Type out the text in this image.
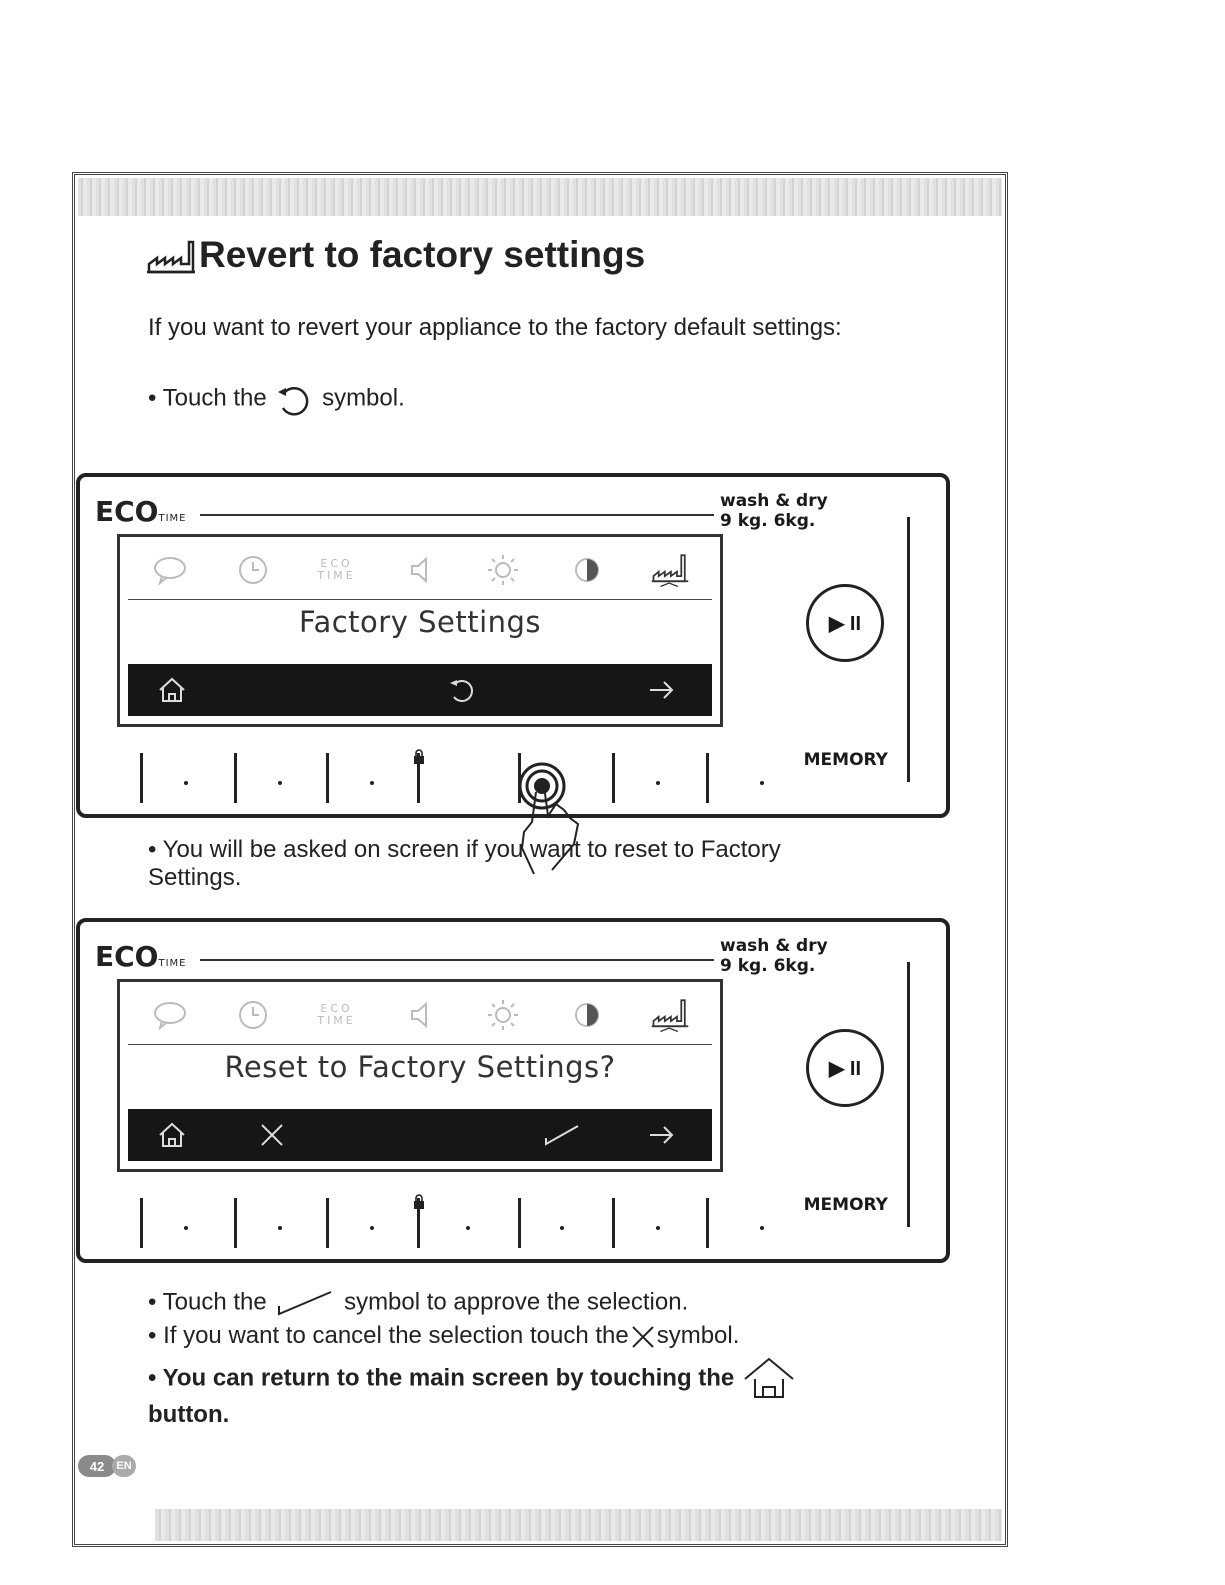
42	EN
Revert to factory settings
If you want to revert your appliance to the factory default settings:
• Touch the symbol.
ECOTIME
wash & dry
9 kg. 6kg.
ECO
TIME
Factory Settings	▶ II
MEMORY
• You will be asked on screen if you want to reset to Factory
Settings.
ECOTIME
wash & dry
9 kg. 6kg.
ECO
TIME
Reset to Factory Settings?	▶ II
MEMORY
• Touch the	symbol to approve the selection.
• If you want to cancel the selection touch the symbol.
• You can return to the main screen by touching the
button.
